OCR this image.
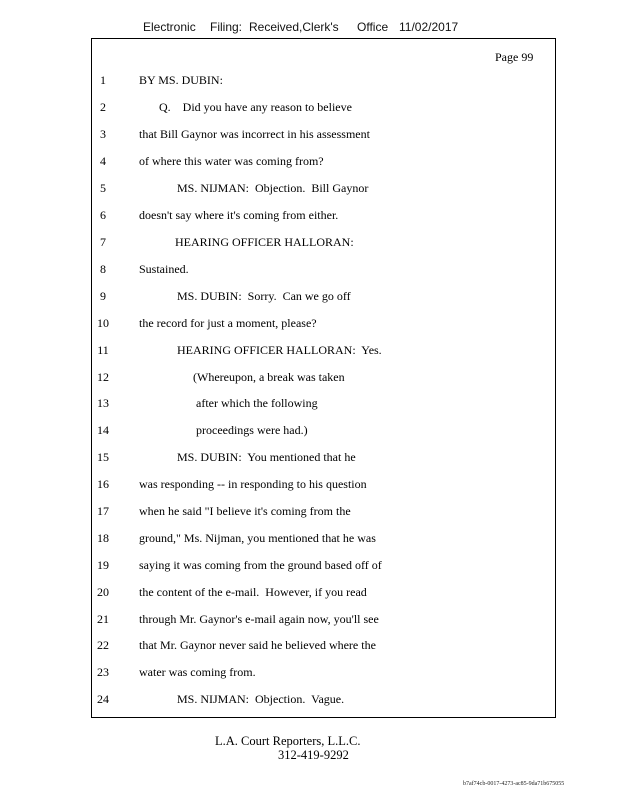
Electronic Filing: Received,Clerk's Office 11/02/2017
Page 99
1	BY MS. DUBIN:
2	Q.    Did you have any reason to believe
3	that Bill Gaynor was incorrect in his assessment
4	of where this water was coming from?
5	MS. NIJMAN:  Objection.  Bill Gaynor
6	doesn't say where it's coming from either.
7	HEARING OFFICER HALLORAN:
8	Sustained.
9	MS. DUBIN:  Sorry.  Can we go off
10	the record for just a moment, please?
11	HEARING OFFICER HALLORAN:  Yes.
12	(Whereupon, a break was taken
13	after which the following
14	proceedings were had.)
15	MS. DUBIN:  You mentioned that he
16	was responding -- in responding to his question
17	when he said "I believe it's coming from the
18	ground," Ms. Nijman, you mentioned that he was
19	saying it was coming from the ground based off of
20	the content of the e-mail.  However, if you read
21	through Mr. Gaynor's e-mail again now, you'll see
22	that Mr. Gaynor never said he believed where the
23	water was coming from.
24	MS. NIJMAN:  Objection.  Vague.
L.A. Court Reporters, L.L.C.
312-419-9292
b7af74cb-0017-4273-ac85-9da71b675055
